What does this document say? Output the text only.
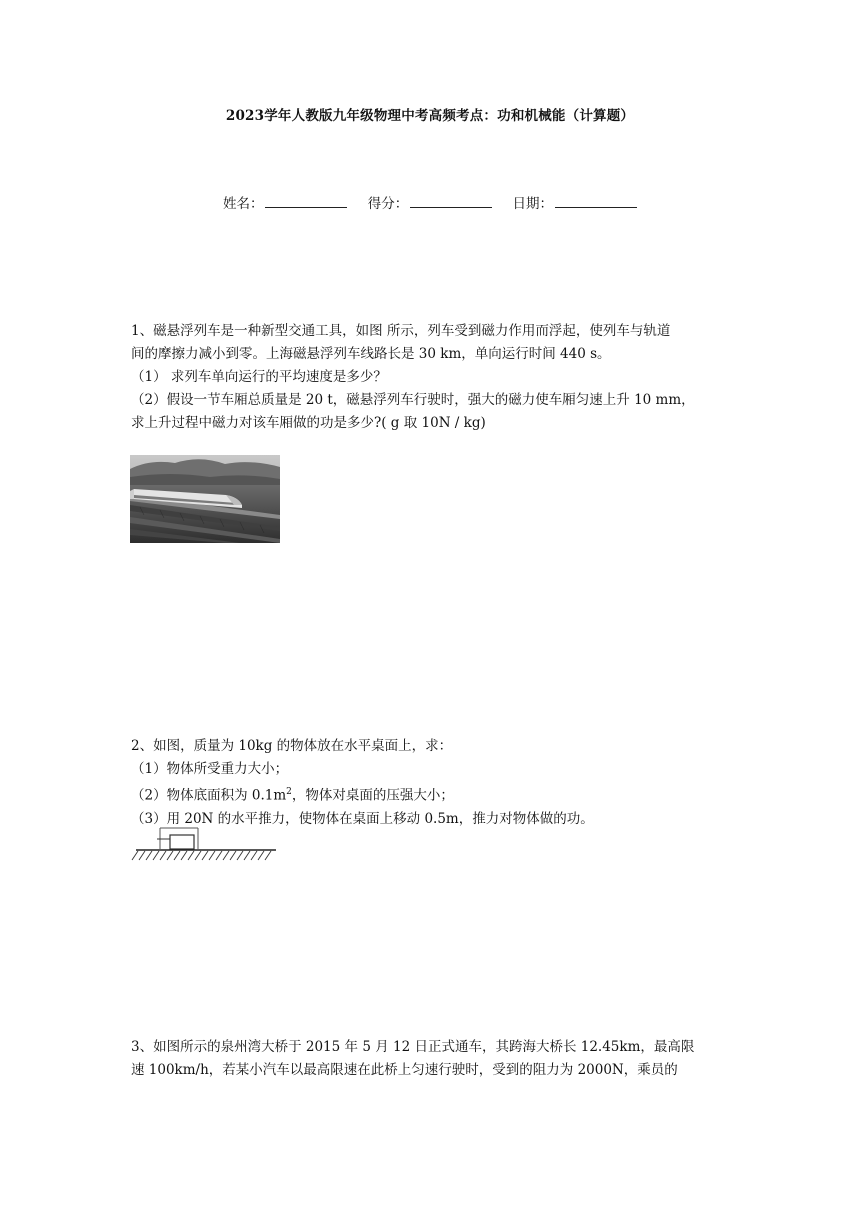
2023学年人教版九年级物理中考高频考点：功和机械能（计算题）
姓名：	得分：	日期：

1、磁悬浮列车是一种新型交通工具，如图 所示，列车受到磁力作用而浮起，使列车与轨道

间的摩擦力减小到零。上海磁悬浮列车线路长是 30 km，单向运行时间 440 s。

（1） 求列车单向运行的平均速度是多少？

（2）假设一节车厢总质量是 20 t，磁悬浮列车行驶时，强大的磁力使车厢匀速上升 10 mm，

求上升过程中磁力对该车厢做的功是多少?( g 取 10N / kg)

2、如图，质量为 10kg 的物体放在水平桌面上，求：

（1）物体所受重力大小；

（2）物体底面积为 $0.1m^2$，物体对桌面的压强大小；

（3）用 20N 的水平推力，使物体在桌面上移动 0.5m，推力对物体做的功。

3、如图所示的泉州湾大桥于 2015 年 5 月 12 日正式通车，其跨海大桥长 12.45km，最高限

速 100km/h，若某小汽车以最高限速在此桥上匀速行驶时，受到的阻力为 2000N，乘员的
